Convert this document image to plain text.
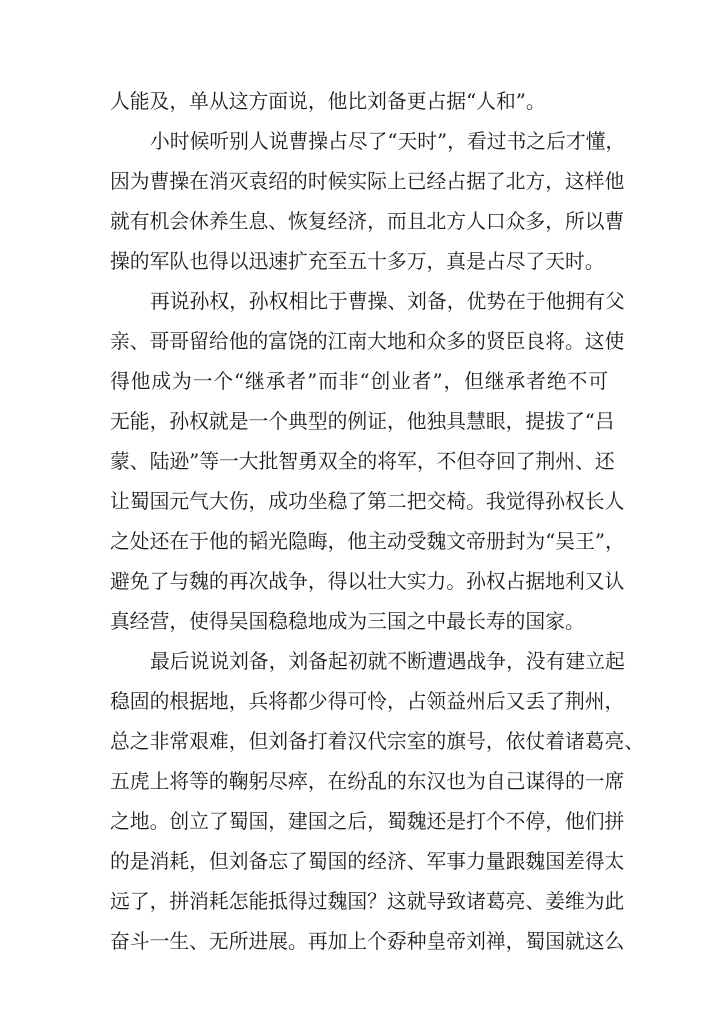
人能及，单从这方面说，他比刘备更占据“人和”。
小时候听别人说曹操占尽了“天时”，看过书之后才懂，
因为曹操在消灭袁绍的时候实际上已经占据了北方，这样他
就有机会休养生息、恢复经济，而且北方人口众多，所以曹
操的军队也得以迅速扩充至五十多万，真是占尽了天时。
再说孙权，孙权相比于曹操、刘备，优势在于他拥有父
亲、哥哥留给他的富饶的江南大地和众多的贤臣良将。这使
得他成为一个“继承者”而非“创业者”，但继承者绝不可
无能，孙权就是一个典型的例证，他独具慧眼，提拔了“吕
蒙、陆逊”等一大批智勇双全的将军，不但夺回了荆州、还
让蜀国元气大伤，成功坐稳了第二把交椅。我觉得孙权长人
之处还在于他的韬光隐晦，他主动受魏文帝册封为“吴王”，
避免了与魏的再次战争，得以壮大实力。孙权占据地利又认
真经营，使得吴国稳稳地成为三国之中最长寿的国家。
最后说说刘备，刘备起初就不断遭遇战争，没有建立起
稳固的根据地，兵将都少得可怜，占领益州后又丢了荆州，
总之非常艰难，但刘备打着汉代宗室的旗号，依仗着诸葛亮、
五虎上将等的鞠躬尽瘁，在纷乱的东汉也为自己谋得的一席
之地。创立了蜀国，建国之后，蜀魏还是打个不停，他们拼
的是消耗，但刘备忘了蜀国的经济、军事力量跟魏国差得太
远了，拼消耗怎能抵得过魏国？这就导致诸葛亮、姜维为此
奋斗一生、无所进展。再加上个孬种皇帝刘禅，蜀国就这么
